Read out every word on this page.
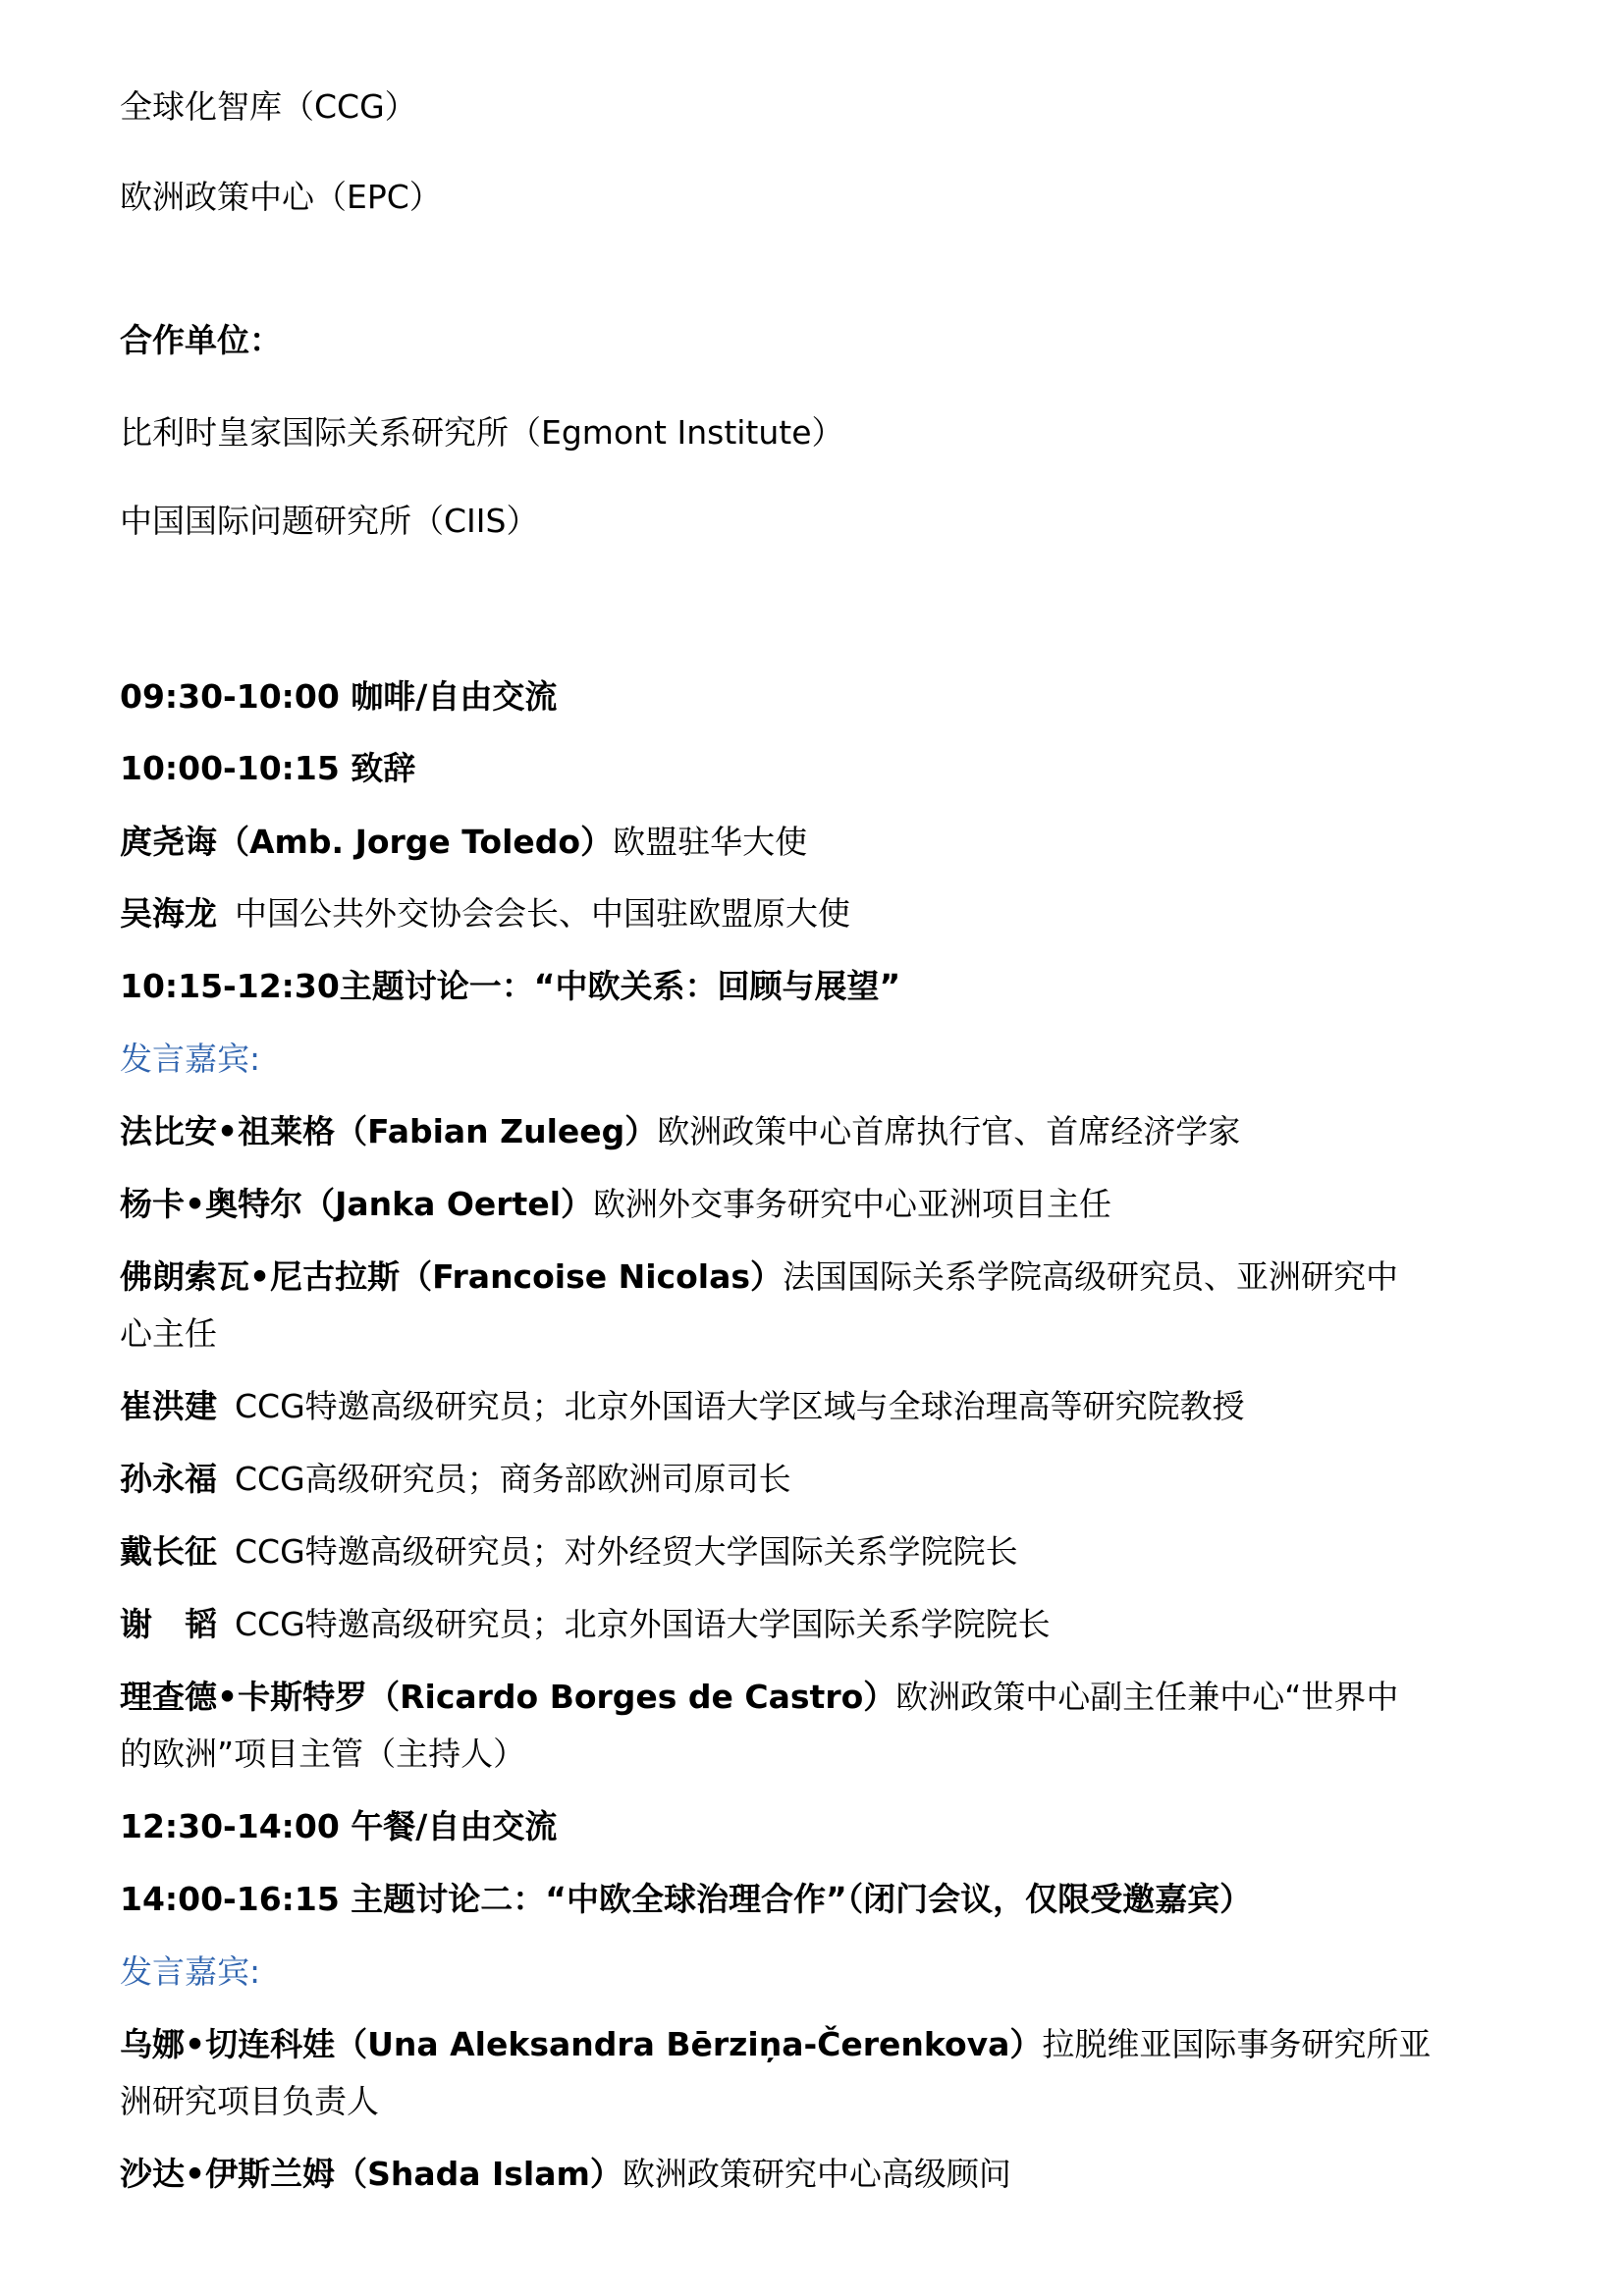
全球化智库（CCG）
欧洲政策中心（EPC）
合作单位：
比利时皇家国际关系研究所（Egmont Institute）
中国国际问题研究所（CIIS）
09:30-10:00 咖啡/自由交流
10:00-10:15 致辞
庹尧诲（Amb. Jorge Toledo）欧盟驻华大使
吴海龙 中国公共外交协会会长、中国驻欧盟原大使
10:15-12:30主题讨论一：“中欧关系：回顾与展望”
发言嘉宾:
法比安•祖莱格（Fabian Zuleeg）欧洲政策中心首席执行官、首席经济学家
杨卡•奥特尔（Janka Oertel）欧洲外交事务研究中心亚洲项目主任
佛朗索瓦•尼古拉斯（Francoise Nicolas）法国国际关系学院高级研究员、亚洲研究中
心主任
崔洪建 CCG特邀高级研究员；北京外国语大学区域与全球治理高等研究院教授
孙永福 CCG高级研究员；商务部欧洲司原司长
戴长征 CCG特邀高级研究员；对外经贸大学国际关系学院院长
谢　韬 CCG特邀高级研究员；北京外国语大学国际关系学院院长
理查德•卡斯特罗（Ricardo Borges de Castro）欧洲政策中心副主任兼中心“世界中
的欧洲”项目主管（主持人）
12:30-14:00 午餐/自由交流
14:00-16:15 主题讨论二：“中欧全球治理合作”（闭门会议，仅限受邀嘉宾）
发言嘉宾:
乌娜•切连科娃（Una Aleksandra Bērziņa-Čerenkova）拉脱维亚国际事务研究所亚
洲研究项目负责人
沙达•伊斯兰姆（Shada Islam）欧洲政策研究中心高级顾问
